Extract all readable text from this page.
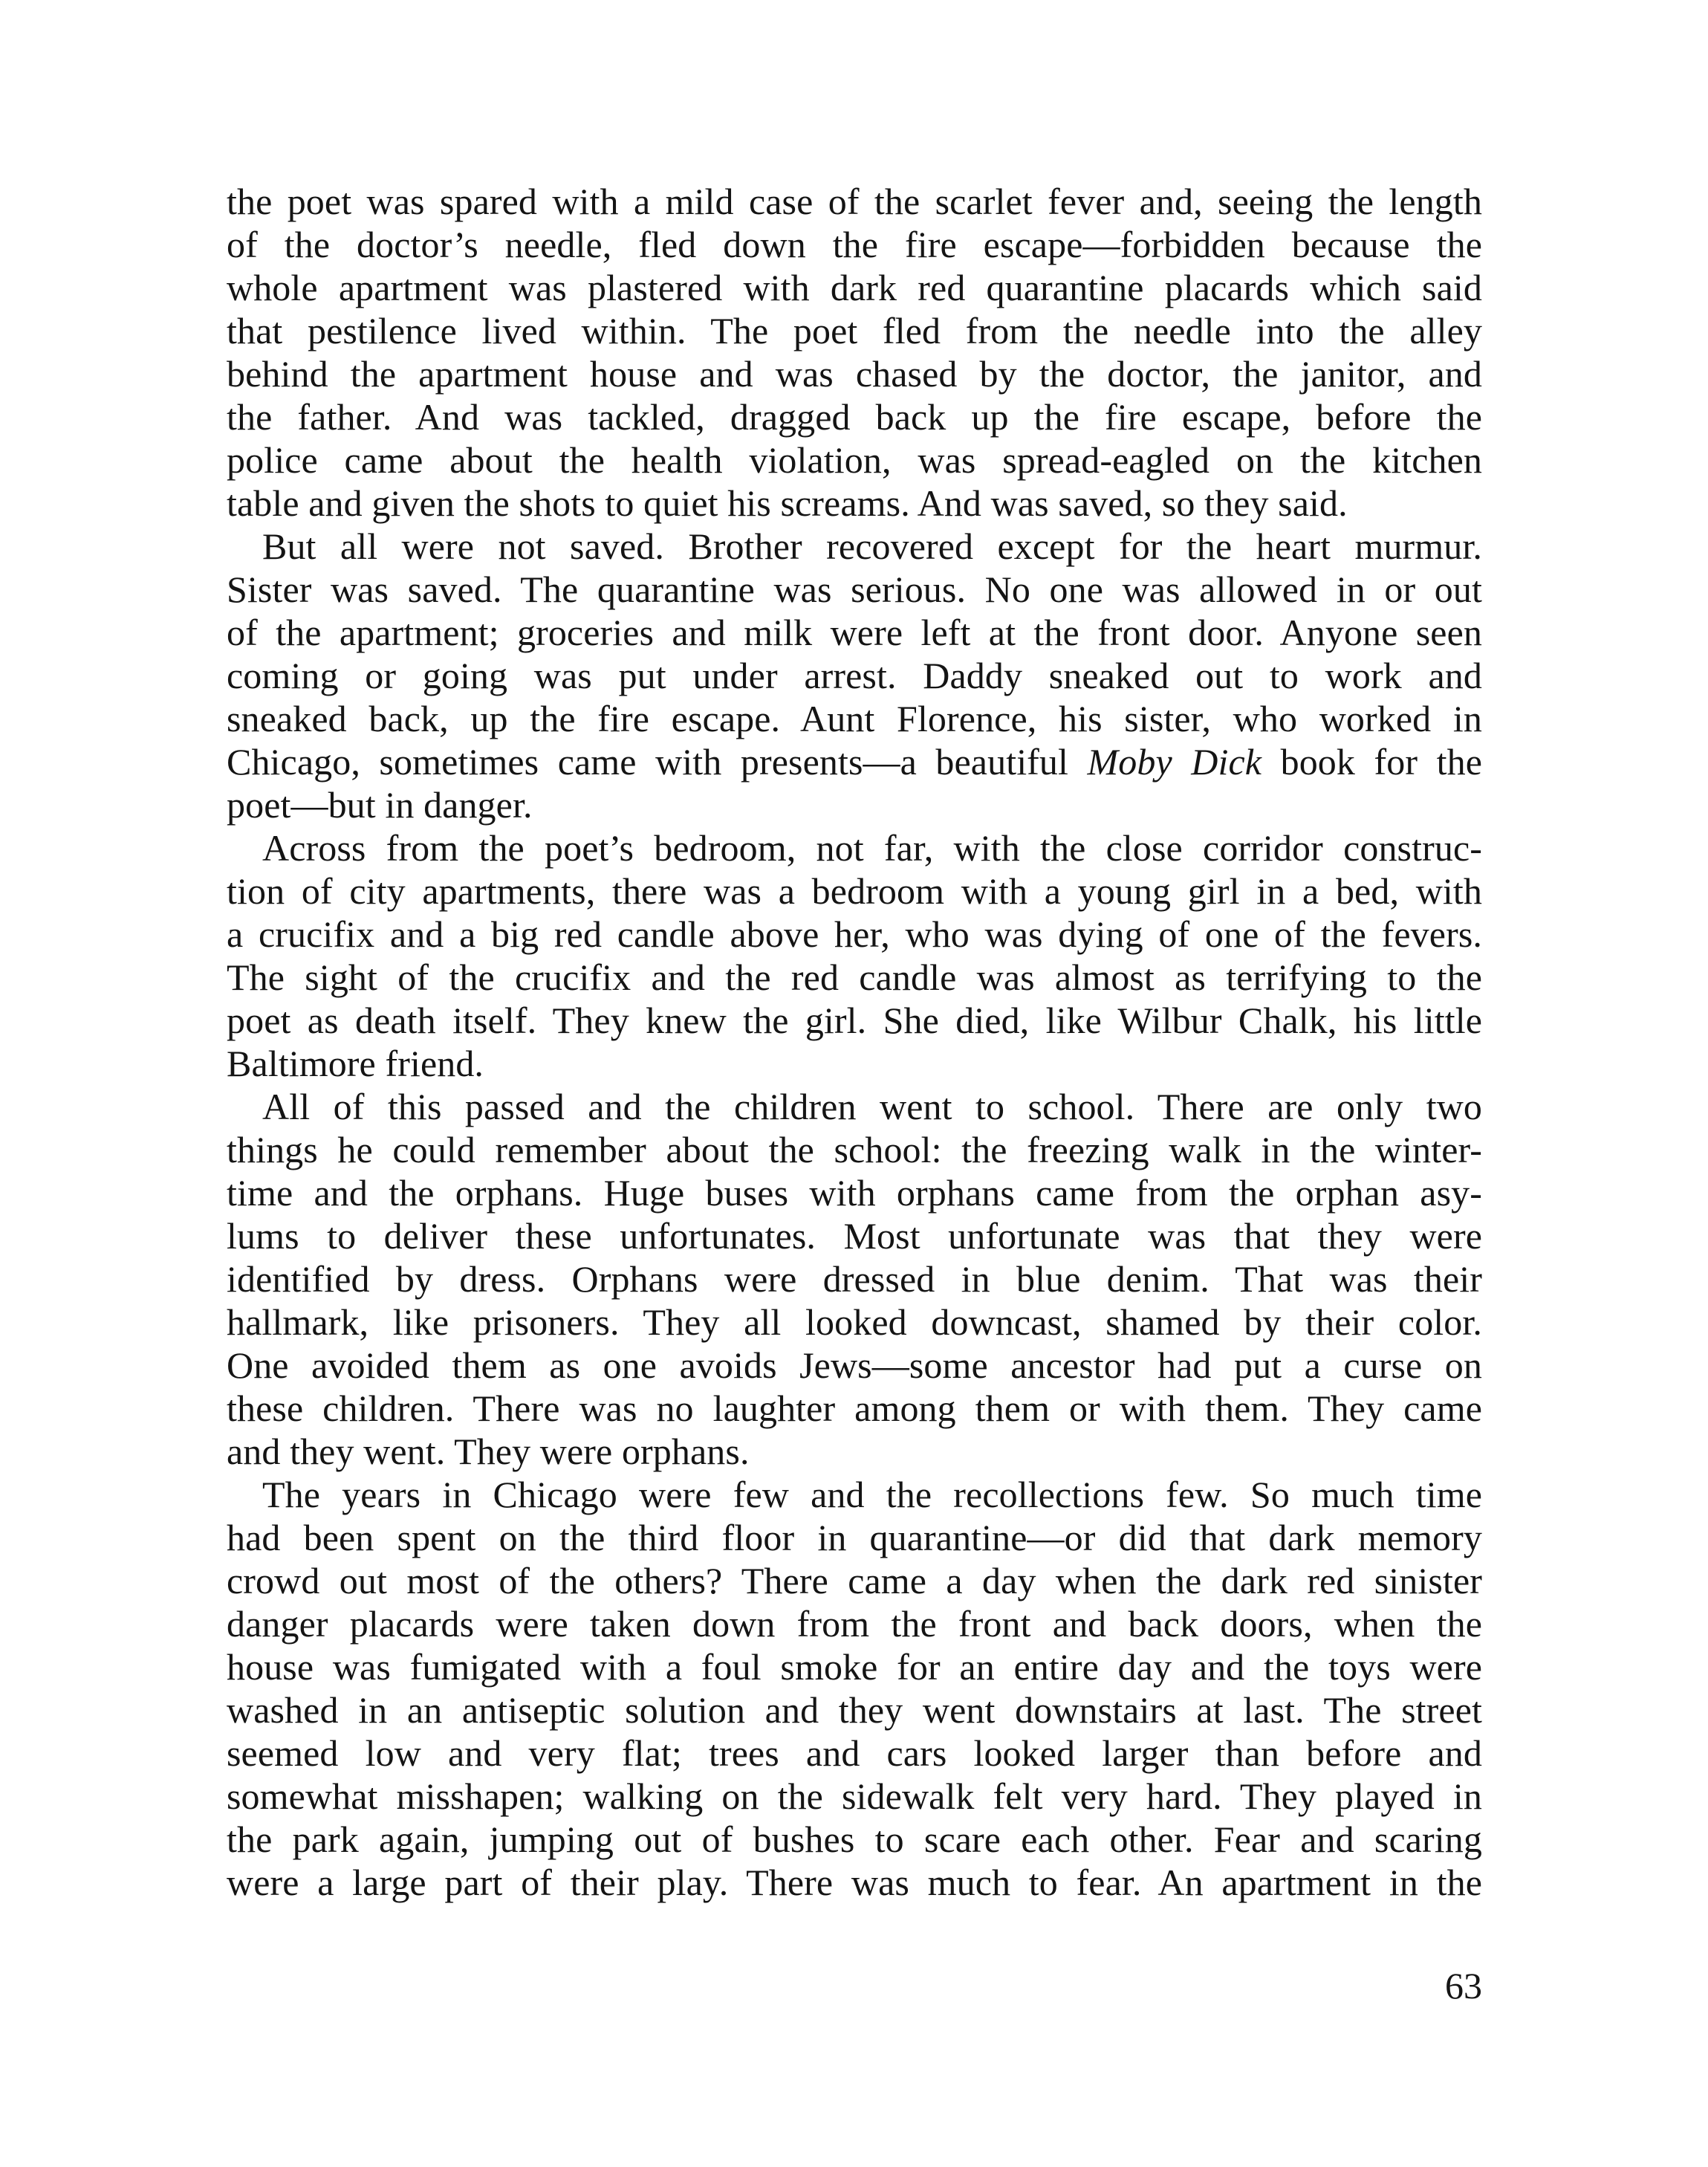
the poet was spared with a mild case of the scarlet fever and, seeing the length
of the doctor’s needle, fled down the fire escape—forbidden because the
whole apartment was plastered with dark red quarantine placards which said
that pestilence lived within. The poet fled from the needle into the alley
behind the apartment house and was chased by the doctor, the janitor, and
the father. And was tackled, dragged back up the fire escape, before the
police came about the health violation, was spread-eagled on the kitchen
table and given the shots to quiet his screams. And was saved, so they said.
But all were not saved. Brother recovered except for the heart murmur.
Sister was saved. The quarantine was serious. No one was allowed in or out
of the apartment; groceries and milk were left at the front door. Anyone seen
coming or going was put under arrest. Daddy sneaked out to work and
sneaked back, up the fire escape. Aunt Florence, his sister, who worked in
Chicago, sometimes came with presents—a beautiful Moby Dick book for the
poet—but in danger.
Across from the poet’s bedroom, not far, with the close corridor construc-
tion of city apartments, there was a bedroom with a young girl in a bed, with
a crucifix and a big red candle above her, who was dying of one of the fevers.
The sight of the crucifix and the red candle was almost as terrifying to the
poet as death itself. They knew the girl. She died, like Wilbur Chalk, his little
Baltimore friend.
All of this passed and the children went to school. There are only two
things he could remember about the school: the freezing walk in the winter-
time and the orphans. Huge buses with orphans came from the orphan asy-
lums to deliver these unfortunates. Most unfortunate was that they were
identified by dress. Orphans were dressed in blue denim. That was their
hallmark, like prisoners. They all looked downcast, shamed by their color.
One avoided them as one avoids Jews—some ancestor had put a curse on
these children. There was no laughter among them or with them. They came
and they went. They were orphans.
The years in Chicago were few and the recollections few. So much time
had been spent on the third floor in quarantine—or did that dark memory
crowd out most of the others? There came a day when the dark red sinister
danger placards were taken down from the front and back doors, when the
house was fumigated with a foul smoke for an entire day and the toys were
washed in an antiseptic solution and they went downstairs at last. The street
seemed low and very flat; trees and cars looked larger than before and
somewhat misshapen; walking on the sidewalk felt very hard. They played in
the park again, jumping out of bushes to scare each other. Fear and scaring
were a large part of their play. There was much to fear. An apartment in the
63
